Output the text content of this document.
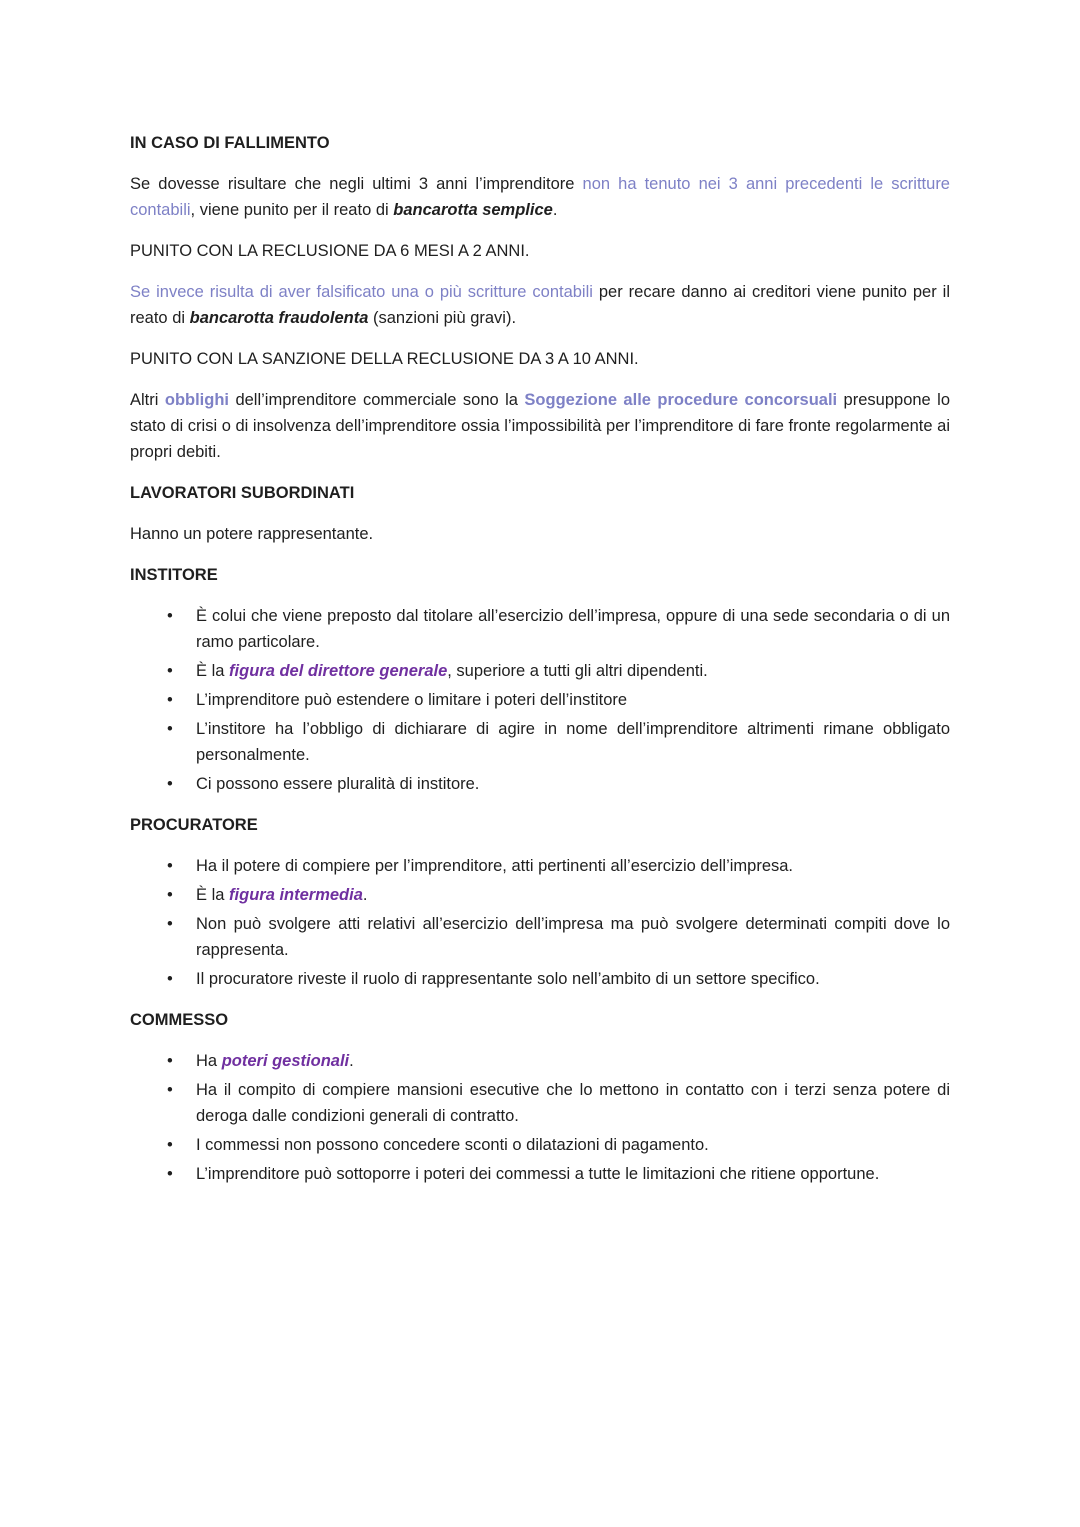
IN CASO DI FALLIMENTO

Se dovesse risultare che negli ultimi 3 anni l’imprenditore non ha tenuto nei 3 anni precedenti le scritture contabili, viene punito per il reato di bancarotta semplice.

PUNITO CON LA RECLUSIONE DA 6 MESI A 2 ANNI.

Se invece risulta di aver falsificato una o più scritture contabili per recare danno ai creditori viene punito per il reato di bancarotta fraudolenta (sanzioni più gravi).

PUNITO CON LA SANZIONE DELLA RECLUSIONE DA 3 A 10 ANNI.

Altri obblighi dell’imprenditore commerciale sono la Soggezione alle procedure concorsuali presuppone lo stato di crisi o di insolvenza dell’imprenditore ossia l’impossibilità per l’imprenditore di fare fronte regolarmente ai propri debiti.

LAVORATORI SUBORDINATI

Hanno un potere rappresentante.

INSTITORE
• È colui che viene preposto dal titolare all’esercizio dell’impresa, oppure di una sede secondaria o di un ramo particolare.
• È la figura del direttore generale, superiore a tutti gli altri dipendenti.
• L’imprenditore può estendere o limitare i poteri dell’institore
• L’institore ha l’obbligo di dichiarare di agire in nome dell’imprenditore altrimenti rimane obbligato personalmente.
• Ci possono essere pluralità di institore.
PROCURATORE
• Ha il potere di compiere per l’imprenditore, atti pertinenti all’esercizio dell’impresa.
• È la figura intermedia.
• Non può svolgere atti relativi all’esercizio dell’impresa ma può svolgere determinati compiti dove lo rappresenta.
• Il procuratore riveste il ruolo di rappresentante solo nell’ambito di un settore specifico.
COMMESSO
• Ha poteri gestionali.
• Ha il compito di compiere mansioni esecutive che lo mettono in contatto con i terzi senza potere di deroga dalle condizioni generali di contratto.
• I commessi non possono concedere sconti o dilatazioni di pagamento.
• L’imprenditore può sottoporre i poteri dei commessi a tutte le limitazioni che ritiene opportune.
